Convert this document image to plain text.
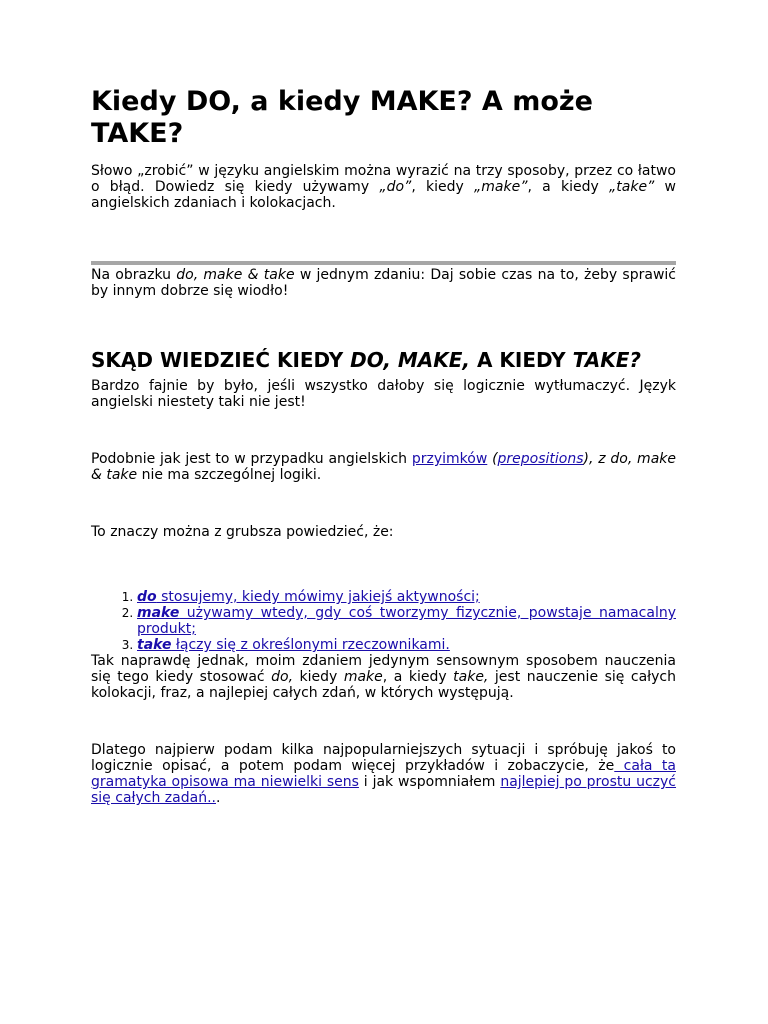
Kiedy DO, a kiedy MAKE? A może TAKE?

Słowo „zrobić” w języku angielskim można wyrazić na trzy sposoby, przez co łatwo o błąd. Dowiedz się kiedy używamy „do”, kiedy „make”, a kiedy „take” w angielskich zdaniach i kolokacjach.

Na obrazku do, make & take w jednym zdaniu: Daj sobie czas na to, żeby sprawić by innym dobrze się wiodło!

SKĄD WIEDZIEĆ KIEDY DO, MAKE, A KIEDY TAKE?

Bardzo fajnie by było, jeśli wszystko dałoby się logicznie wytłumaczyć. Język angielski niestety taki nie jest!

Podobnie jak jest to w przypadku angielskich przyimków (prepositions), z do, make & take nie ma szczególnej logiki.

To znaczy można z grubsza powiedzieć, że:

1. do stosujemy, kiedy mówimy jakiejś aktywności;
2. make używamy wtedy, gdy coś tworzymy fizycznie, powstaje namacalny produkt;
3. take łączy się z określonymi rzeczownikami.

Tak naprawdę jednak, moim zdaniem jedynym sensownym sposobem nauczenia się tego kiedy stosować do, kiedy make, a kiedy take, jest nauczenie się całych kolokacji, fraz, a najlepiej całych zdań, w których występują.

Dlatego najpierw podam kilka najpopularniejszych sytuacji i spróbuję jakoś to logicznie opisać, a potem podam więcej przykładów i zobaczycie, że cała ta gramatyka opisowa ma niewielki sens i jak wspomniałem najlepiej po prostu uczyć się całych zadań...
